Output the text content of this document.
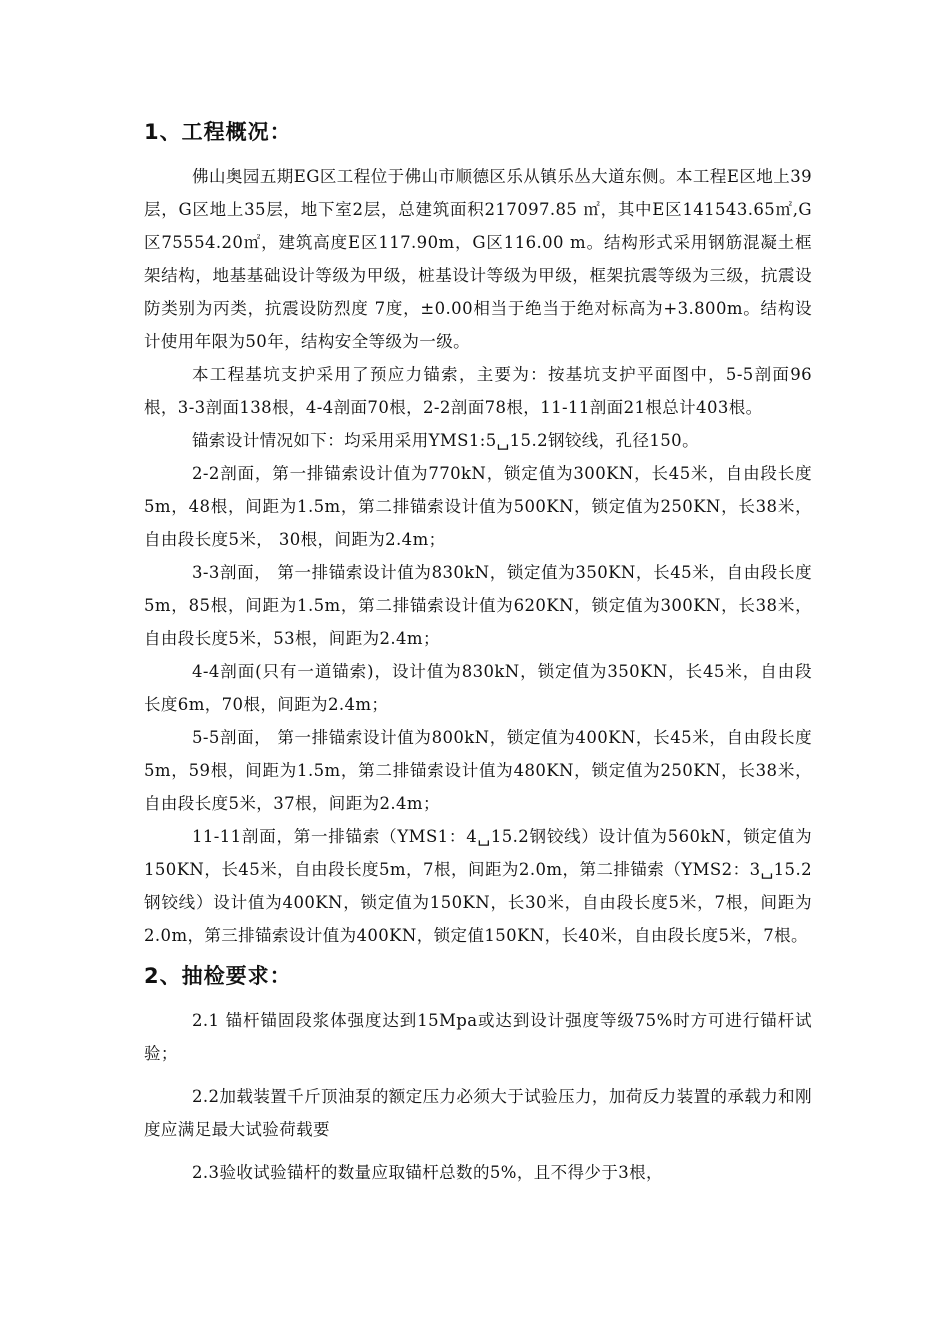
1、工程概况：

佛山奥园五期EG区工程位于佛山市顺德区乐从镇乐丛大道东侧。本工程E区地上39层，G区地上35层，地下室2层，总建筑面积217097.85 ㎡，其中E区141543.65㎡,G区75554.20㎡，建筑高度E区117.90m，G区116.00 m。结构形式采用钢筋混凝土框架结构，地基基础设计等级为甲级，桩基设计等级为甲级，框架抗震等级为三级，抗震设防类别为丙类，抗震设防烈度 7度，±0.00相当于绝当于绝对标高为+3.800m。结构设计使用年限为50年，结构安全等级为一级。

本工程基坑支护采用了预应力锚索，主要为：按基坑支护平面图中，5-5剖面96根，3-3剖面138根，4-4剖面70根，2-2剖面78根，11-11剖面21根总计403根。

锚索设计情况如下：均采用采用YMS1:5␣15.2钢铰线，孔径150。

2-2剖面，第一排锚索设计值为770kN，锁定值为300KN，长45米，自由段长度5m，48根，间距为1.5m，第二排锚索设计值为500KN，锁定值为250KN，长38米，自由段长度5米， 30根，间距为2.4m；

3-3剖面， 第一排锚索设计值为830kN，锁定值为350KN，长45米，自由段长度5m，85根，间距为1.5m，第二排锚索设计值为620KN，锁定值为300KN，长38米，自由段长度5米，53根，间距为2.4m；

4-4剖面(只有一道锚索)，设计值为830kN，锁定值为350KN，长45米，自由段长度6m，70根，间距为2.4m；

5-5剖面， 第一排锚索设计值为800kN，锁定值为400KN，长45米，自由段长度5m，59根，间距为1.5m，第二排锚索设计值为480KN，锁定值为250KN，长38米，自由段长度5米，37根，间距为2.4m；

11-11剖面，第一排锚索（YMS1：4␣15.2钢铰线）设计值为560kN，锁定值为150KN，长45米，自由段长度5m，7根，间距为2.0m，第二排锚索（YMS2：3␣15.2钢铰线）设计值为400KN，锁定值为150KN，长30米，自由段长度5米，7根，间距为2.0m，第三排锚索设计值为400KN，锁定值150KN，长40米，自由段长度5米，7根。

2、抽检要求：

2.1 锚杆锚固段浆体强度达到15Mpa或达到设计强度等级75%时方可进行锚杆试验；

2.2加载装置千斤顶油泵的额定压力必须大于试验压力，加荷反力装置的承载力和刚度应满足最大试验荷载要

2.3验收试验锚杆的数量应取锚杆总数的5%，且不得少于3根，
